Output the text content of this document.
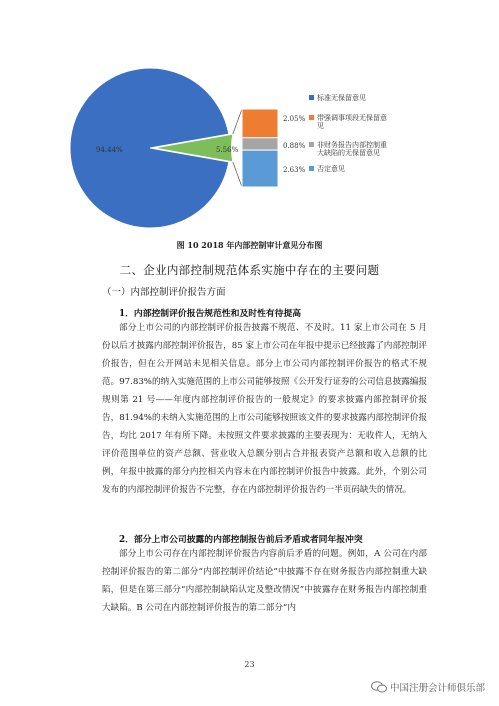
94.44%	5.56%
标准无保留意见
2.05% 带强调事项段无保留意
见
0.88% 非财务报告内部控制重
大缺陷的无保留意见
2.63% 否定意见
图 10 2018 年内部控制审计意见分布图
二、企业内部控制规范体系实施中存在的主要问题
（一）内部控制评价报告方面
1．内部控制评价报告规范性和及时性有待提高
部分上市公司的内部控制评价报告披露不规范、不及时。11 家上市公司在 5 月份以后才披露内部控制评价报告，85 家上市公司在年报中提示已经披露了内部控制评价报告，但在公开网站未见相关信息。部分上市公司内部控制评价报告的格式不规范。97.83%的纳入实施范围的上市公司能够按照《公开发行证券的公司信息披露编报规则第 21 号——年度内部控制评价报告的一般规定》的要求披露内部控制评价报告，81.94%的未纳入实施范围的上市公司能够按照该文件的要求披露内部控制评价报告，均比 2017 年有所下降。未按照文件要求披露的主要表现为：无收件人，无纳入评价范围单位的资产总额、营业收入总额分别占合并报表资产总额和收入总额的比例，年报中披露的部分内控相关内容未在内部控制评价报告中披露。此外，个别公司发布的内部控制评价报告不完整，存在内部控制评价报告约一半页码缺失的情况。
2．部分上市公司披露的内部控制报告前后矛盾或者同年报冲突
部分上市公司存在内部控制评价报告内容前后矛盾的问题。例如，A 公司在内部控制评价报告的第二部分“内部控制评价结论”中披露不存在财务报告内部控制重大缺陷，但是在第三部分“内部控制缺陷认定及整改情况”中披露存在财务报告内部控制重大缺陷。B 公司在内部控制评价报告的第二部分“内
23
中国注册会计师俱乐部
